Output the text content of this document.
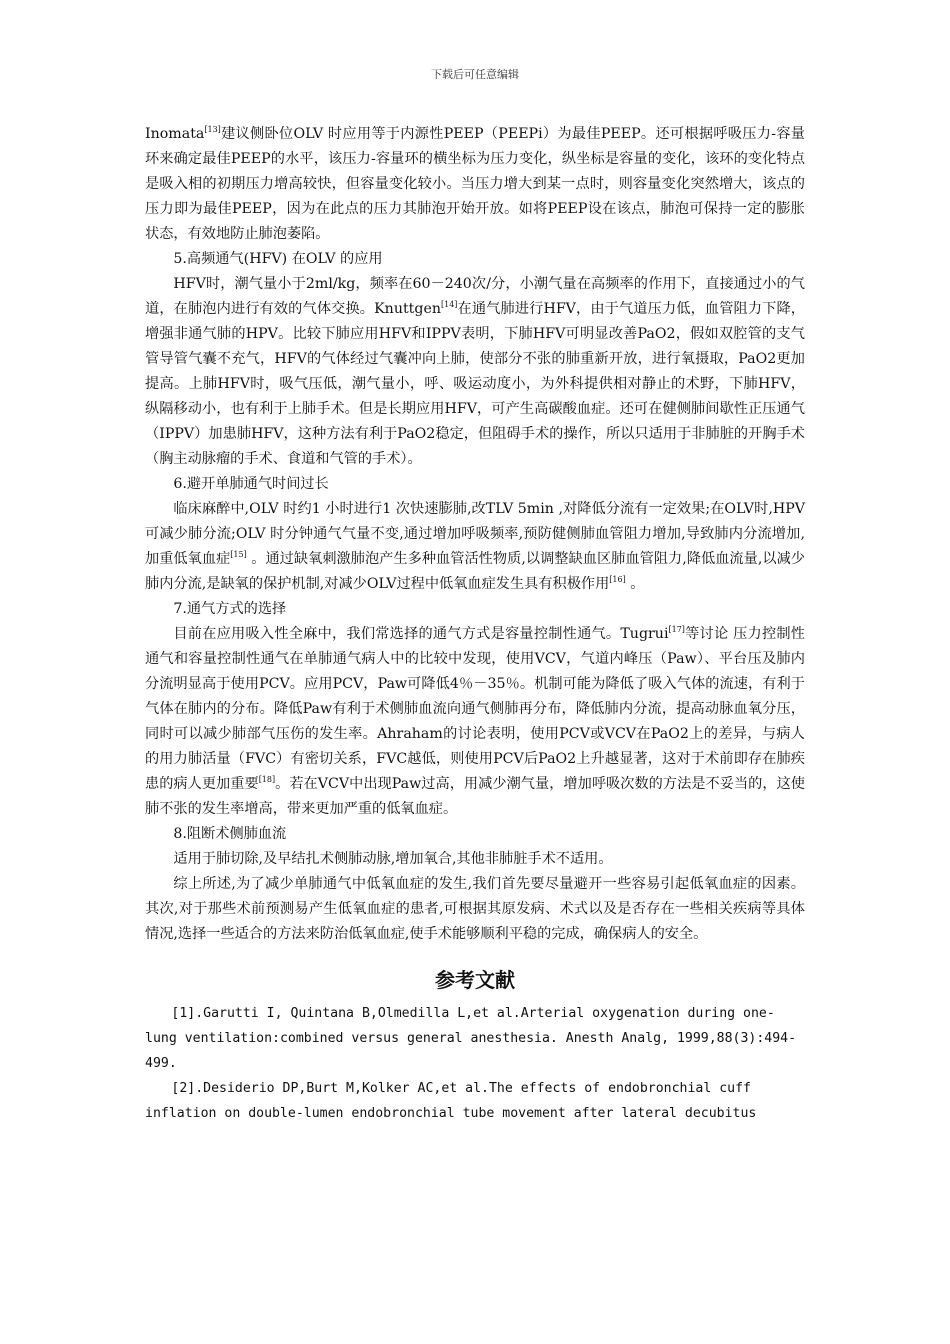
下载后可任意编辑

Inomata[13]建议侧卧位OLV 时应用等于内源性PEEP（PEEPi）为最佳PEEP。还可根据呼吸压力-容量环来确定最佳PEEP的水平，该压力-容量环的横坐标为压力变化，纵坐标是容量的变化，该环的变化特点是吸入相的初期压力增高较快，但容量变化较小。当压力增大到某一点时，则容量变化突然增大，该点的压力即为最佳PEEP，因为在此点的压力其肺泡开始开放。如将PEEP设在该点，肺泡可保持一定的膨胀状态，有效地防止肺泡萎陷。

5.高频通气(HFV) 在OLV 的应用

HFV时，潮气量小于2ml/kg，频率在60－240次/分，小潮气量在高频率的作用下，直接通过小的气道，在肺泡内进行有效的气体交换。Knuttgen[14]在通气肺进行HFV，由于气道压力低，血管阻力下降，增强非通气肺的HPV。比较下肺应用HFV和IPPV表明，下肺HFV可明显改善PaO2，假如双腔管的支气管导管气囊不充气，HFV的气体经过气囊冲向上肺，使部分不张的肺重新开放，进行氧摄取，PaO2更加提高。上肺HFV时，吸气压低，潮气量小，呼、吸运动度小，为外科提供相对静止的术野，下肺HFV，纵隔移动小，也有利于上肺手术。但是长期应用HFV，可产生高碳酸血症。还可在健侧肺间歇性正压通气（IPPV）加患肺HFV，这种方法有利于PaO2稳定，但阻碍手术的操作，所以只适用于非肺脏的开胸手术（胸主动脉瘤的手术、食道和气管的手术）。

6.避开单肺通气时间过长

临床麻醉中,OLV 时约1 小时进行1 次快速膨肺,改TLV 5min ,对降低分流有一定效果;在OLV时,HPV 可减少肺分流;OLV 时分钟通气气量不变,通过增加呼吸频率,预防健侧肺血管阻力增加,导致肺内分流增加,加重低氧血症[15] 。通过缺氧刺激肺泡产生多种血管活性物质,以调整缺血区肺血管阻力,降低血流量,以减少肺内分流,是缺氧的保护机制,对减少OLV过程中低氧血症发生具有积极作用[16] 。

7.通气方式的选择

目前在应用吸入性全麻中，我们常选择的通气方式是容量控制性通气。Tugrui[17]等讨论 压力控制性通气和容量控制性通气在单肺通气病人中的比较中发现，使用VCV，气道内峰压（Paw）、平台压及肺内分流明显高于使用PCV。应用PCV，Paw可降低4％－35％。机制可能为降低了吸入气体的流速，有利于气体在肺内的分布。降低Paw有利于术侧肺血流向通气侧肺再分布，降低肺内分流，提高动脉血氧分压，同时可以减少肺部气压伤的发生率。Ahraham的讨论表明，使用PCV或VCV在PaO2上的差异，与病人的用力肺活量（FVC）有密切关系，FVC越低，则使用PCV后PaO2上升越显著，这对于术前即存在肺疾患的病人更加重要[18]。若在VCV中出现Paw过高，用减少潮气量，增加呼吸次数的方法是不妥当的，这使肺不张的发生率增高，带来更加严重的低氧血症。

8.阻断术侧肺血流

适用于肺切除,及早结扎术侧肺动脉,增加氧合,其他非肺脏手术不适用。

综上所述,为了减少单肺通气中低氧血症的发生,我们首先要尽量避开一些容易引起低氧血症的因素。其次,对于那些术前预测易产生低氧血症的患者,可根据其原发病、术式以及是否存在一些相关疾病等具体情况,选择一些适合的方法来防治低氧血症,使手术能够顺利平稳的完成，确保病人的安全。

参考文献

[1].Garutti I, Quintana B,Olmedilla L,et al.Arterial oxygenation during one-lung ventilation:combined versus general anesthesia. Anesth Analg, 1999,88(3):494-499.

[2].Desiderio DP,Burt M,Kolker AC,et al.The effects of endobronchial cuff inflation on double-lumen endobronchial tube movement after lateral decubitus
